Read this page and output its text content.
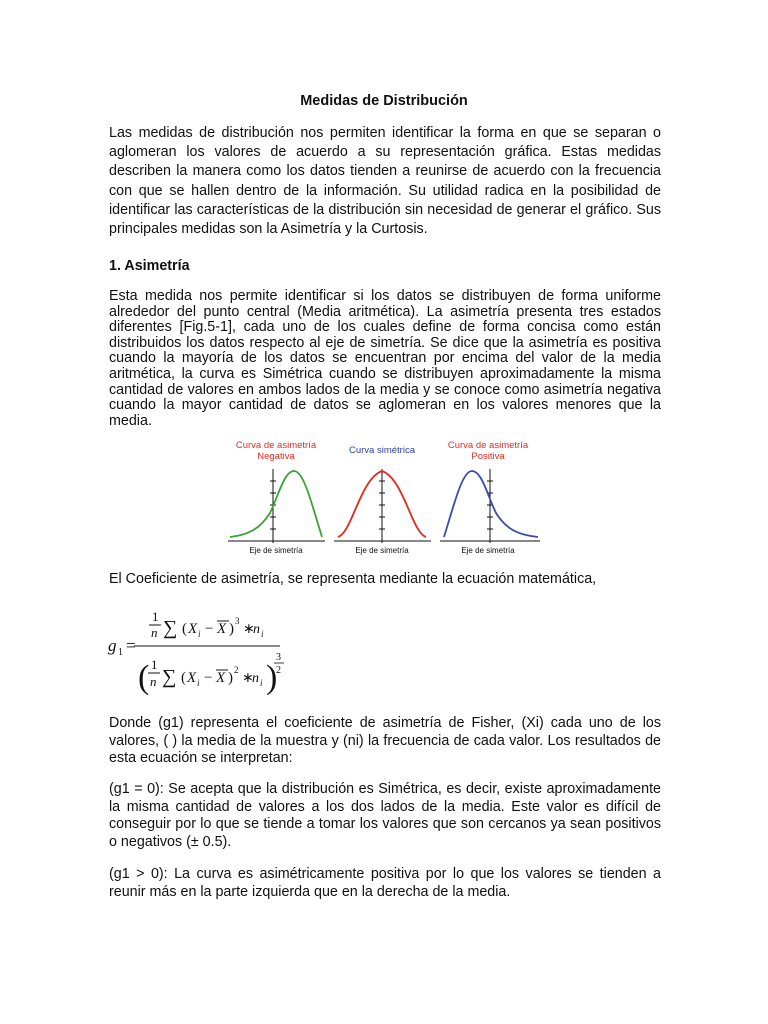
Medidas de Distribución

Las medidas de distribución nos permiten identificar la forma en que se separan o aglomeran los valores de acuerdo a su representación gráfica. Estas medidas describen la manera como los datos tienden a reunirse de acuerdo con la frecuencia con que se hallen dentro de la información. Su utilidad radica en la posibilidad de identificar las características de la distribución sin necesidad de generar el gráfico. Sus principales medidas son la Asimetría y la Curtosis.

1. Asimetría

Esta medida nos permite identificar si los datos se distribuyen de forma uniforme alrededor del punto central (Media aritmética). La asimetría presenta tres estados diferentes [Fig.5-1], cada uno de los cuales define de forma concisa como están distribuidos los datos respecto al eje de simetría. Se dice que la asimetría es positiva cuando la mayoría de los datos se encuentran por encima del valor de la media aritmética, la curva es Simétrica cuando se distribuyen aproximadamente la misma cantidad de valores en ambos lados de la media y se conoce como asimetría negativa cuando la mayor cantidad de datos se aglomeran en los valores menores que la media.

Curva de asimetría
Negativa
Eje de simetría
Curva simétrica
Eje de simetría
Curva de asimetría
Positiva
Eje de simetría

El Coeficiente de asimetría, se representa mediante la ecuación matemática,

g 1 =
1
n ∑ ( X i − X ) 3
∗
n i
( 1
n ∑ ( X i − X ) 2
∗
n i )
3
2

Donde (g1) representa el coeficiente de asimetría de Fisher, (Xi) cada uno de los valores, ( ) la media de la muestra y (ni) la frecuencia de cada valor. Los resultados de esta ecuación se interpretan:

(g1 = 0): Se acepta que la distribución es Simétrica, es decir, existe aproximadamente la misma cantidad de valores a los dos lados de la media. Este valor es difícil de conseguir por lo que se tiende a tomar los valores que son cercanos ya sean positivos o negativos (± 0.5).

(g1 > 0): La curva es asimétricamente positiva por lo que los valores se tienden a reunir más en la parte izquierda que en la derecha de la media.
